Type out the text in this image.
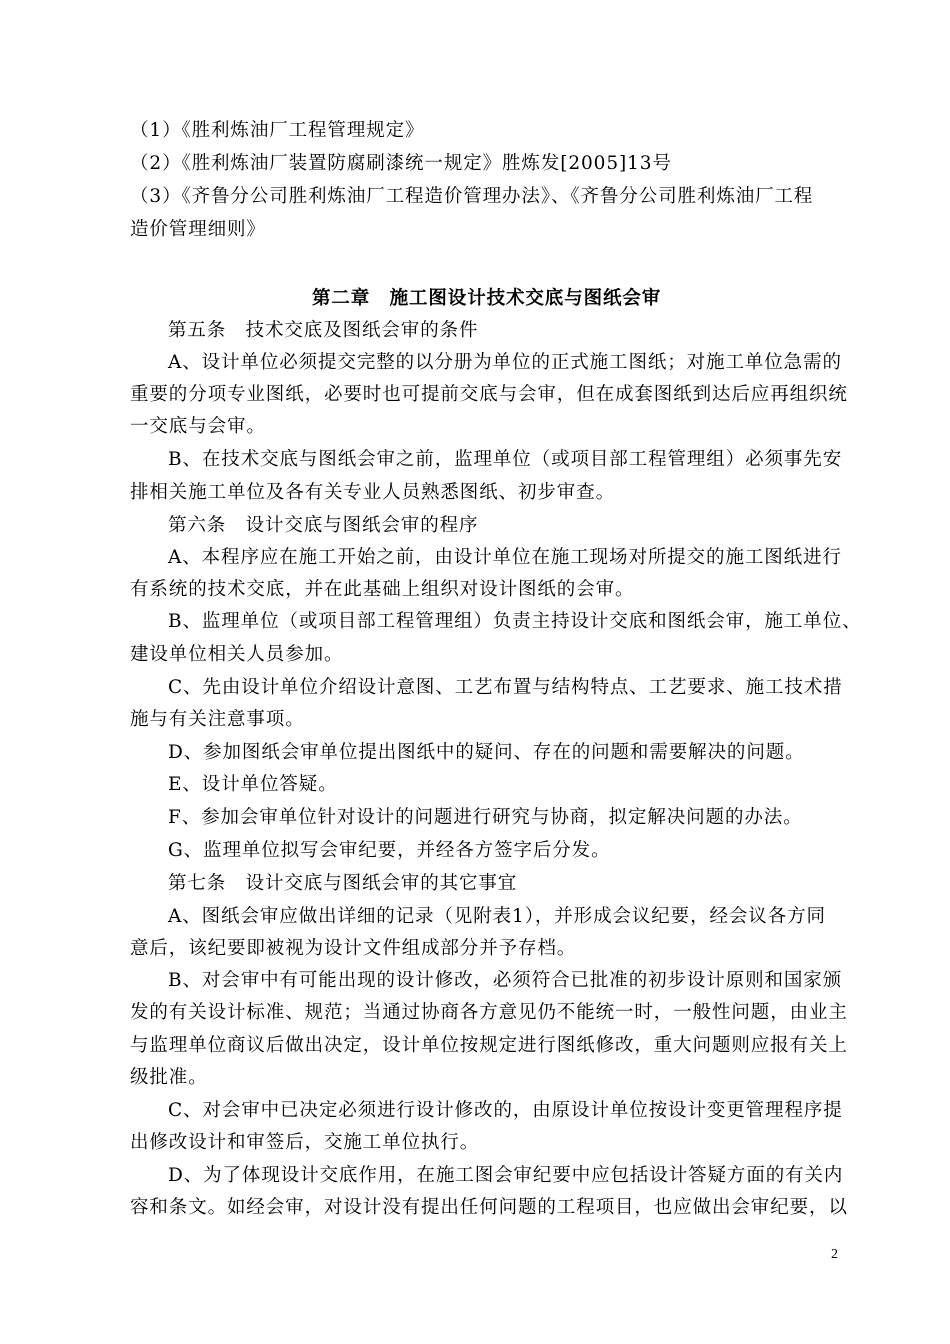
（1）《胜利炼油厂工程管理规定》
（2）《胜利炼油厂装置防腐刷漆统一规定》胜炼发[2005]13号
（3）《齐鲁分公司胜利炼油厂工程造价管理办法》、《齐鲁分公司胜利炼油厂工程
造价管理细则》
第二章　施工图设计技术交底与图纸会审
第五条　技术交底及图纸会审的条件
A、设计单位必须提交完整的以分册为单位的正式施工图纸；对施工单位急需的
重要的分项专业图纸，必要时也可提前交底与会审，但在成套图纸到达后应再组织统
一交底与会审。
B、在技术交底与图纸会审之前，监理单位（或项目部工程管理组）必须事先安
排相关施工单位及各有关专业人员熟悉图纸、初步审查。
第六条　设计交底与图纸会审的程序
A、本程序应在施工开始之前，由设计单位在施工现场对所提交的施工图纸进行
有系统的技术交底，并在此基础上组织对设计图纸的会审。
B、监理单位（或项目部工程管理组）负责主持设计交底和图纸会审，施工单位、
建设单位相关人员参加。
C、先由设计单位介绍设计意图、工艺布置与结构特点、工艺要求、施工技术措
施与有关注意事项。
D、参加图纸会审单位提出图纸中的疑问、存在的问题和需要解决的问题。
E、设计单位答疑。
F、参加会审单位针对设计的问题进行研究与协商，拟定解决问题的办法。
G、监理单位拟写会审纪要，并经各方签字后分发。
第七条　设计交底与图纸会审的其它事宜
A、图纸会审应做出详细的记录（见附表1），并形成会议纪要，经会议各方同
意后，该纪要即被视为设计文件组成部分并予存档。
B、对会审中有可能出现的设计修改，必须符合已批准的初步设计原则和国家颁
发的有关设计标准、规范；当通过协商各方意见仍不能统一时，一般性问题，由业主
与监理单位商议后做出决定，设计单位按规定进行图纸修改，重大问题则应报有关上
级批准。
C、对会审中已决定必须进行设计修改的，由原设计单位按设计变更管理程序提
出修改设计和审签后，交施工单位执行。
D、为了体现设计交底作用，在施工图会审纪要中应包括设计答疑方面的有关内
容和条文。如经会审，对设计没有提出任何问题的工程项目，也应做出会审纪要，以
2
